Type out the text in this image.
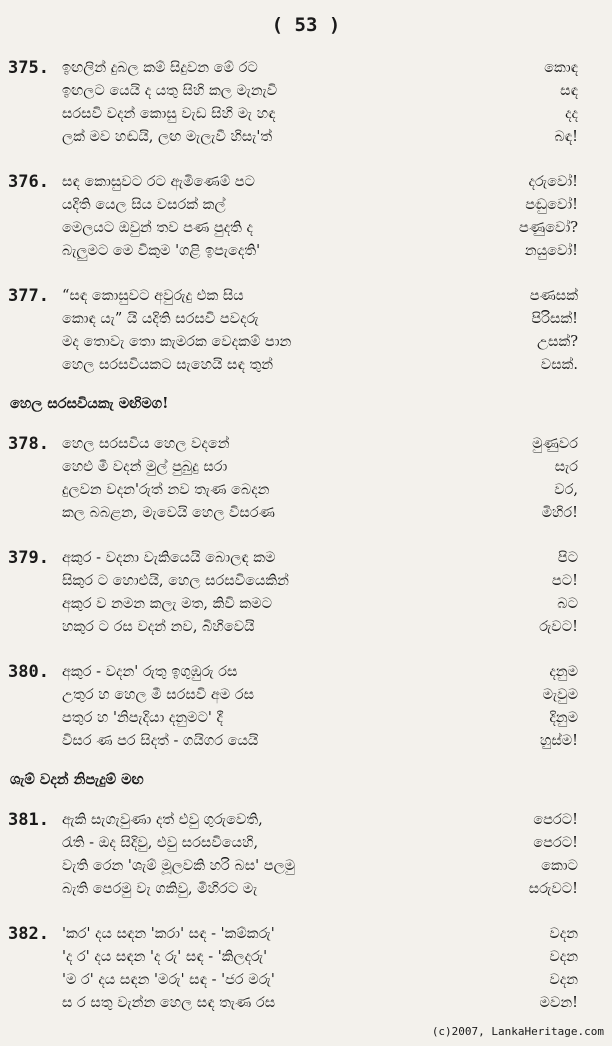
( 53 )
375. ඉඟලින් දුබල කම් සිදුවන මේ රට	කොඳ
ඉඟලට යෙයි ද යතු සිහි කල මැනැවි	සඳ
සරසවි වදන් කොසු වැඩ සිහි මැ හඳ	දද
ලක් මව හඬයි, ලඟ මැලැවී හිසැ'ත්	බඳ!
376. සඳ කොසුවට රට ඇමිණෙම් පට	දරුවෝ!
යදිති යෙල සිය වසරක් කල්	පඬුවෝ!
මෙලයට ඔවුන් තව පණ පුදති ද	පණුවෝ?
බැලුමට මෙ විකුම 'ගළි ඉපැදෙති'	නයුවෝ!
377. “සඳ කොසුවට අවුරුදු එක සිය	පණසක්
කොඳ යැ” යි යදිති සරසවි පවදරු	පිරිසක්!
මද තොවැ තො කැමරක වෙදකම් පාන	උසක්?
හෙල සරසවියකට සැහෙයි සඳ තුන්	වසක්.
හෙල සරසවියකැ මඟිමග!
378. හෙල සරසවිය හෙල වදනේ	මුණුවර
හෙළු මී වදන් මුල් පුබුදු සරා	සැර
දුලවන වදන'රුත් නව තැණ බෙදන	වර,
කල බබළන, මැවෙයි හෙල විසරණ	මිහිර!
379. අකුර - වදනා වැකියෙයි බොලඳ කම	පිට
සිකුර ට හොළුයි, හෙල සරසවියෙකින්	පට!
අකුර ව නමන කලැ මත, කිවි කමට	බට
හකුර ට රස වදන් නව, බිහිවෙයි	රුවට!
380. අකුර - වදන' රුතු ඉගුඹුරු රස	දනුම
උතුර හ හෙල මී සරසවි අම රස	මැවුම
පතුර හ 'නිපැදියා දනුමට' දී	දිනුම
විසර ණ පර සිදත් - ගයිගර යෙයි	හුස්ම!
ශැම් වදන් නිපැදුම් මඟ
381. ඇකි සැගැවුණා දත් එවු ගුරුවෙති,	පෙරට!
රැති - ඔද සිදිවු, එවු සරසවියෙහි,	පෙරට!
වැති රෙන 'ශැම් මූලවකි හරි බස' පලමු	කොට
බැති පෙරමු වැ ගකිවු, මිහිරට මැ	සරුවට!
382. 'කර' දය සඳන 'කරා' සඳ - 'කම්කරු'	වදන
'ද ර' දය සඳන 'ද රු' සඳ - 'කිලදරු'	වදන
'ම ර' දය සඳන 'මරු' සඳ - 'ජර මරු'	වදන
ස ර සතු වැන්න හෙල සඳ තැණ රස	මවන!
(c)2007, LankaHeritage.com
